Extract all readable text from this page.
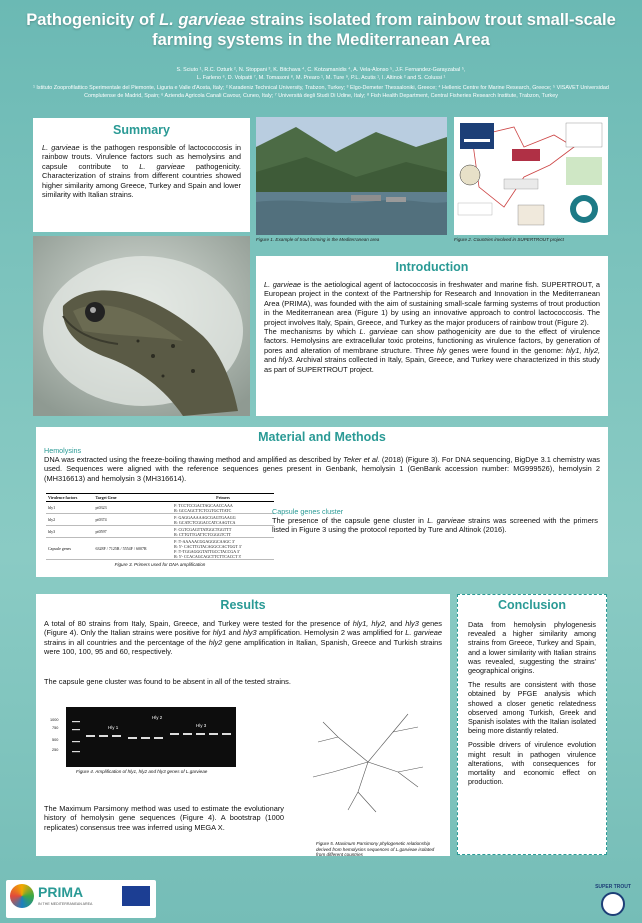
Pathogenicity of L. garvieae strains isolated from rainbow trout small-scale farming systems in the Mediterranean Area
S. Sciuto ¹, R.C. Ozturk ², N. Stoppani ³, K. Bitchava ⁴, C. Kotzamanidis ⁴, A. Vela-Alonso ⁵, J.F. Fernandez-Garayzabal ⁵,
L. Farleno ⁶, D. Volpatti ⁷, M. Tomasoni ⁸, M. Prearo ¹, M. Ture ⁹, P.L. Acutis ¹, I. Altinok ² and S. Colussi ¹
¹ Istituto Zooprofilattico Sperimentale del Piemonte, Liguria e Valle d'Aosta, Italy; ² Karadeniz Technical University, Trabzon, Turkey; ³ Elgo-Demeter Thessaloniki, Greece; ⁴ Hellenic Centre for Marine Research, Greece; ⁵ VISAVET Universidad Complutense de Madrid, Spain; ⁶ Azienda Agricola Canali Cavour, Cuneo, Italy; ⁷ Università degli Studi Di Udine, Italy; ⁸ Fish Health Department, Central Fisheries Research Institute, Trabzon, Turkey
Summary
L. garvieae is the pathogen responsible of lactococcosis in rainbow trouts. Virulence factors such as hemolysins and capsule contribute to L. garvieae pathogenicity. Characterization of strains from different countries showed higher similarity among Greece, Turkey and Spain and lower similarity with Italian strains.
Figure 1. Example of trout farming in the Mediterranean area	Figure 2. Countries involved in SUPERTROUT project
Introduction
L. garvieae is the aetiological agent of lactococcosis in freshwater and marine fish. SUPERTROUT, a European project in the context of the Partnership for Research and Innovation in the Mediterranean Area (PRIMA), was founded with the aim of sustaining small-scale farming systems of trout production in the Mediterranean area (Figure 1) by using an innovative approach to control lactococcosis. The project involves Italy, Spain, Greece, and Turkey as the major producers of rainbow trout (Figure 2).
The mechanisms by which L. garvieae can show pathogenicity are due to the effect of virulence factors. Hemolysins are extracellular toxic proteins, functioning as virulence factors, by generation of pores and alteration of membrane structure. Three hly genes were found in the genome: hly1, hly2, and hly3. Archival strains collected in Italy, Spain, Greece, and Turkey were characterized in this study as part of SUPERTROUT project.
Material and Methods
Hemolysins
DNA was extracted using the freeze-boiling thawing method and amplified as described by Teker et al. (2018) (Figure 3). For DNA sequencing, BigDye 3.1 chemistry was used. Sequences were aligned with the reference sequences genes present in Genbank, hemolysin 1 (GenBank accession number: MG999526), hemolysin 2 (MH316613) and hemolysin 3 (MH316614).
Virulence factors	Target Gene	Primers
hly1	pt0323	F: TCCTCCGACTAGCAACCAAA
R: GCCAGCTTCTCGTGCTTATC

hly2	pt0374	F: GAGGAAAAAGCGAGTGAAGG
R: GCATCTCGGACCATCAAGTCA

hly3	pt0597	F: CGTCGAGTTATGGCTGGTTT
R: CTTGTTGATTCTCGGGTCTT

Capsule genes	6328F / 7125R / 5554F / 6007R	F: 5'-AAAAACGGAGGGCAAGC 3'
R: 5'- CACTTGTACAGGCCACTGGT 3'
F: 5'-TGGAGGGTATTGCCTACCGA 3'
R: 5'- CCACAGCAGCTTCTTCACCT 3'
Figure 3. Primers used for DNA amplification
Capsule genes cluster
The presence of the capsule gene cluster in L. garvieae strains was screened with the primers listed in Figure 3 using the protocol reported by Ture and Altinok (2016).
Results
A total of 80 strains from Italy, Spain, Greece, and Turkey were tested for the presence of hly1, hly2, and hly3 genes (Figure 4). Only the Italian strains were positive for hly1 and hly3 amplification. Hemolysin 2 was amplified for L. garvieae strains in all countries and the percentage of the hly2 gene amplification in Italian, Spanish, Greece and Turkish strains were 100, 100, 95 and 60, respectively.
The capsule gene cluster was found to be absent in all of the tested strains.
Hly 1
Hly 2
Hly 3
1000
750
500
250
Figure 4. Amplification of hly1, hly2 and hly3 genes of L.garvieae
The Maximum Parsimony method was used to estimate the evolutionary history of hemolysin gene sequences (Figure 4). A bootstrap (1000 replicates) consensus tree was inferred using MEGA X.
Figure 5. Maximum Parsimony phylogenetic relationship derived from hemolysins sequences of L.garvieae isolated from different countries
Conclusion

Data from hemolysin phylogenesis revealed a higher similarity among strains from Greece, Turkey and Spain, and a lower similarity with Italian strains was revealed, suggesting the strains' geographical origins.

The results are consistent with those obtained by PFGE analysis which showed a closer genetic relatedness observed among Turkish, Greek and Spanish isolates with the Italian isolated being more distantly related.

Possible drivers of virulence evolution might result in pathogen virulence alterations, with consequences for mortality and economic effect on production.

PRIMA
IN THE MEDITERRANEAN AREA
SUPER TROUT
